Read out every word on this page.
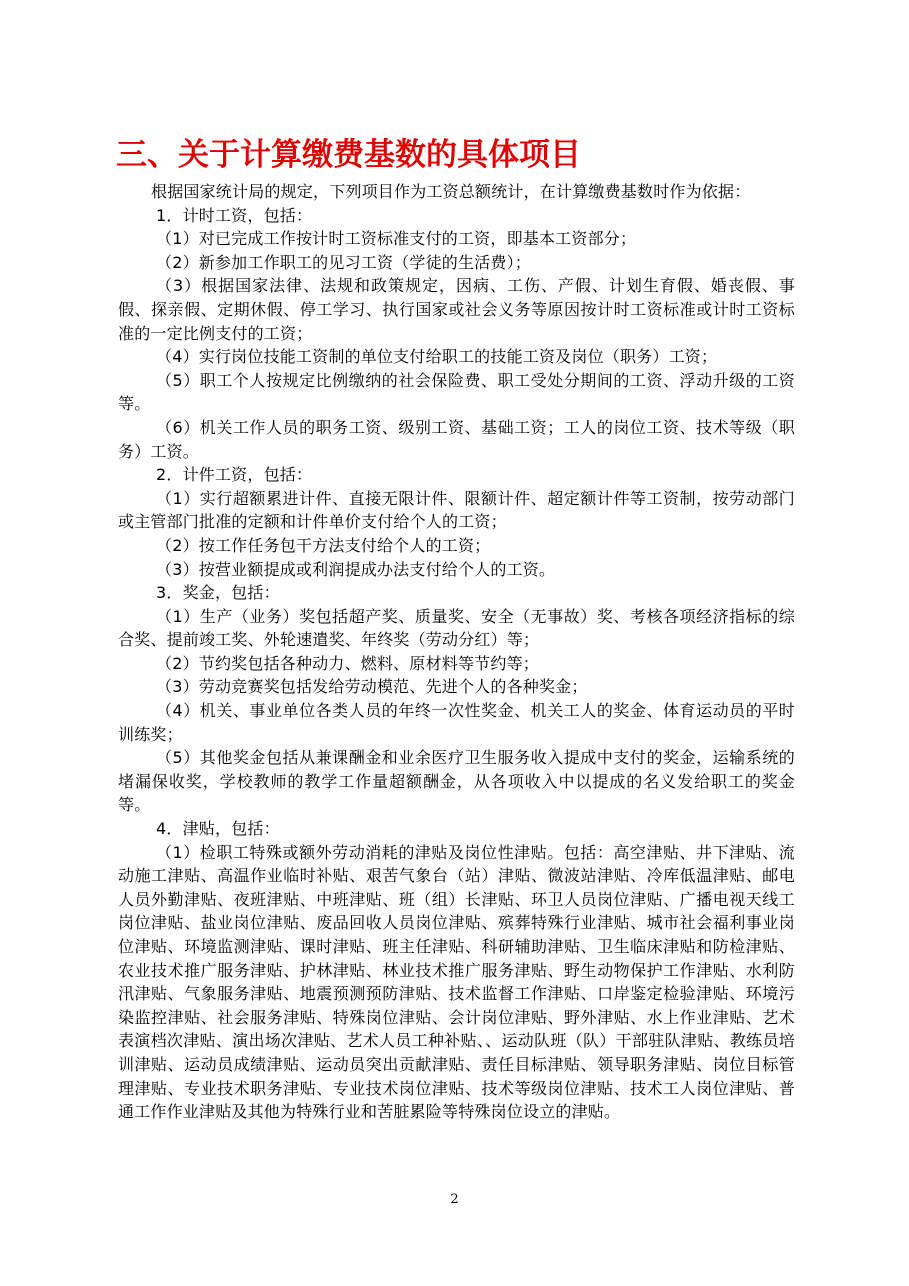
三、关于计算缴费基数的具体项目

根据国家统计局的规定，下列项目作为工资总额统计，在计算缴费基数时作为依据：

1．计时工资，包括：

（1）对已完成工作按计时工资标准支付的工资，即基本工资部分；

（2）新参加工作职工的见习工资（学徒的生活费）；

（3）根据国家法律、法规和政策规定，因病、工伤、产假、计划生育假、婚丧假、事假、探亲假、定期休假、停工学习、执行国家或社会义务等原因按计时工资标准或计时工资标准的一定比例支付的工资；

（4）实行岗位技能工资制的单位支付给职工的技能工资及岗位（职务）工资；

（5）职工个人按规定比例缴纳的社会保险费、职工受处分期间的工资、浮动升级的工资等。

（6）机关工作人员的职务工资、级别工资、基础工资；工人的岗位工资、技术等级（职务）工资。

2．计件工资，包括：

（1）实行超额累进计件、直接无限计件、限额计件、超定额计件等工资制，按劳动部门或主管部门批准的定额和计件单价支付给个人的工资；

（2）按工作任务包干方法支付给个人的工资；

（3）按营业额提成或利润提成办法支付给个人的工资。

3．奖金，包括：

（1）生产（业务）奖包括超产奖、质量奖、安全（无事故）奖、考核各项经济指标的综合奖、提前竣工奖、外轮速遣奖、年终奖（劳动分红）等；

（2）节约奖包括各种动力、燃料、原材料等节约等；

（3）劳动竞赛奖包括发给劳动模范、先进个人的各种奖金；

（4）机关、事业单位各类人员的年终一次性奖金、机关工人的奖金、体育运动员的平时训练奖；

（5）其他奖金包括从兼课酬金和业余医疗卫生服务收入提成中支付的奖金，运输系统的堵漏保收奖，学校教师的教学工作量超额酬金，从各项收入中以提成的名义发给职工的奖金等。

4．津贴，包括：

（1）检职工特殊或额外劳动消耗的津贴及岗位性津贴。包括：高空津贴、井下津贴、流动施工津贴、高温作业临时补贴、艰苦气象台（站）津贴、微波站津贴、冷库低温津贴、邮电人员外勤津贴、夜班津贴、中班津贴、班（组）长津贴、环卫人员岗位津贴、广播电视天线工岗位津贴、盐业岗位津贴、废品回收人员岗位津贴、殡葬特殊行业津贴、城市社会福利事业岗位津贴、环境监测津贴、课时津贴、班主任津贴、科研辅助津贴、卫生临床津贴和防检津贴、农业技术推广服务津贴、护林津贴、林业技术推广服务津贴、野生动物保护工作津贴、水利防汛津贴、气象服务津贴、地震预测预防津贴、技术监督工作津贴、口岸鉴定检验津贴、环境污染监控津贴、社会服务津贴、特殊岗位津贴、会计岗位津贴、野外津贴、水上作业津贴、艺术表演档次津贴、演出场次津贴、艺术人员工种补贴、、运动队班（队）干部驻队津贴、教练员培训津贴、运动员成绩津贴、运动员突出贡献津贴、责任目标津贴、领导职务津贴、岗位目标管理津贴、专业技术职务津贴、专业技术岗位津贴、技术等级岗位津贴、技术工人岗位津贴、普通工作作业津贴及其他为特殊行业和苦脏累险等特殊岗位设立的津贴。

2
